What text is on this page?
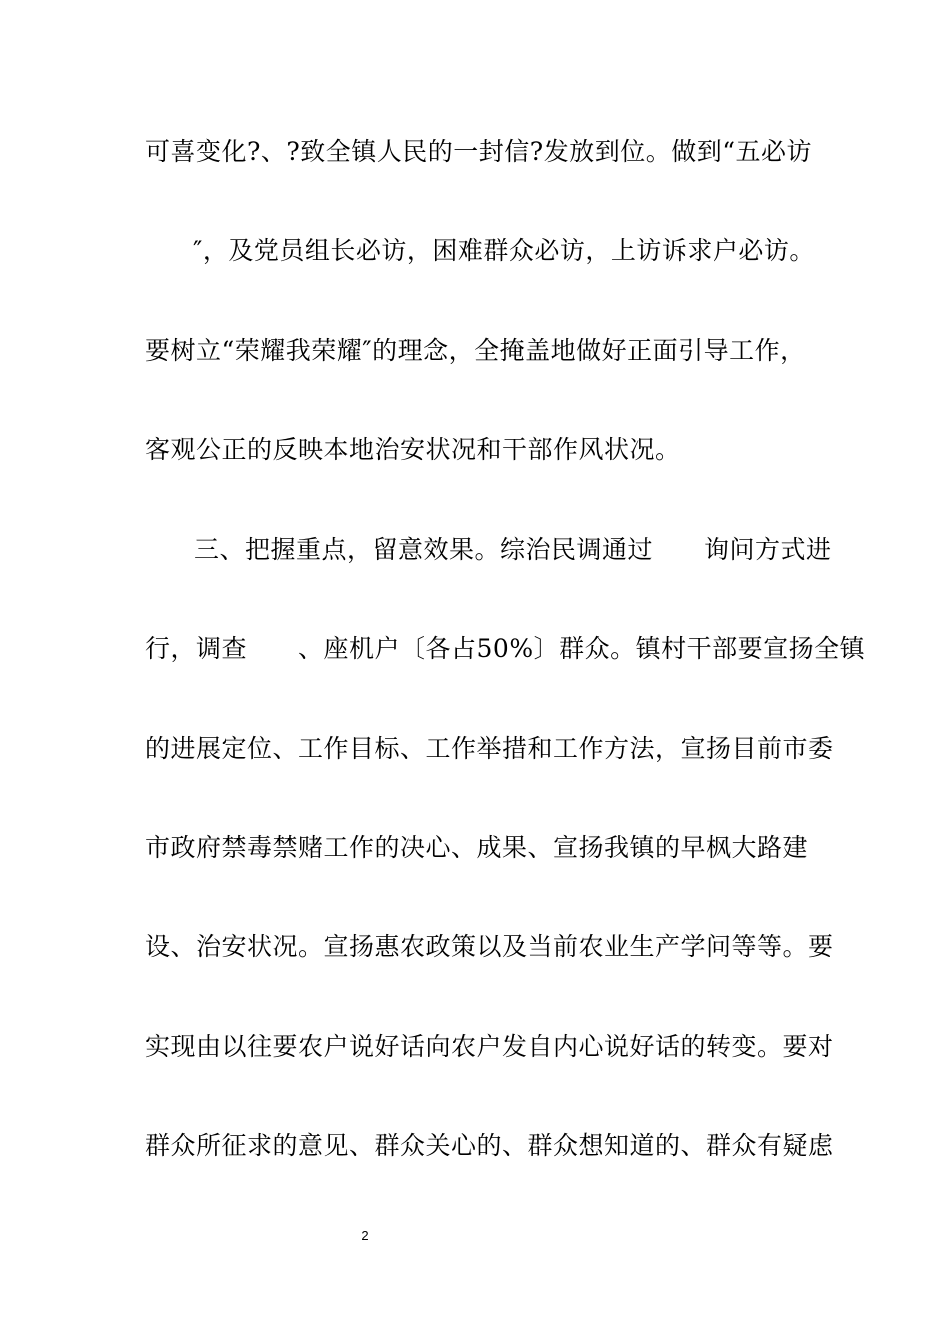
可喜变化?、?致全镇人民的一封信?发放到位。做到“五必访
″，及党员组长必访，困难群众必访，上访诉求户必访。
要树立“荣耀我荣耀″的理念，全掩盖地做好正面引导工作，
客观公正的反映本地治安状况和干部作风状况。
三、把握重点，留意效果。综治民调通过　　询问方式进
行，调查　　、座机户〔各占50%〕群众。镇村干部要宣扬全镇
的进展定位、工作目标、工作举措和工作方法，宣扬目前市委
市政府禁毒禁赌工作的决心、成果、宣扬我镇的早枫大路建
设、治安状况。宣扬惠农政策以及当前农业生产学问等等。要
实现由以往要农户说好话向农户发自内心说好话的转变。要对
群众所征求的意见、群众关心的、群众想知道的、群众有疑虑
2
